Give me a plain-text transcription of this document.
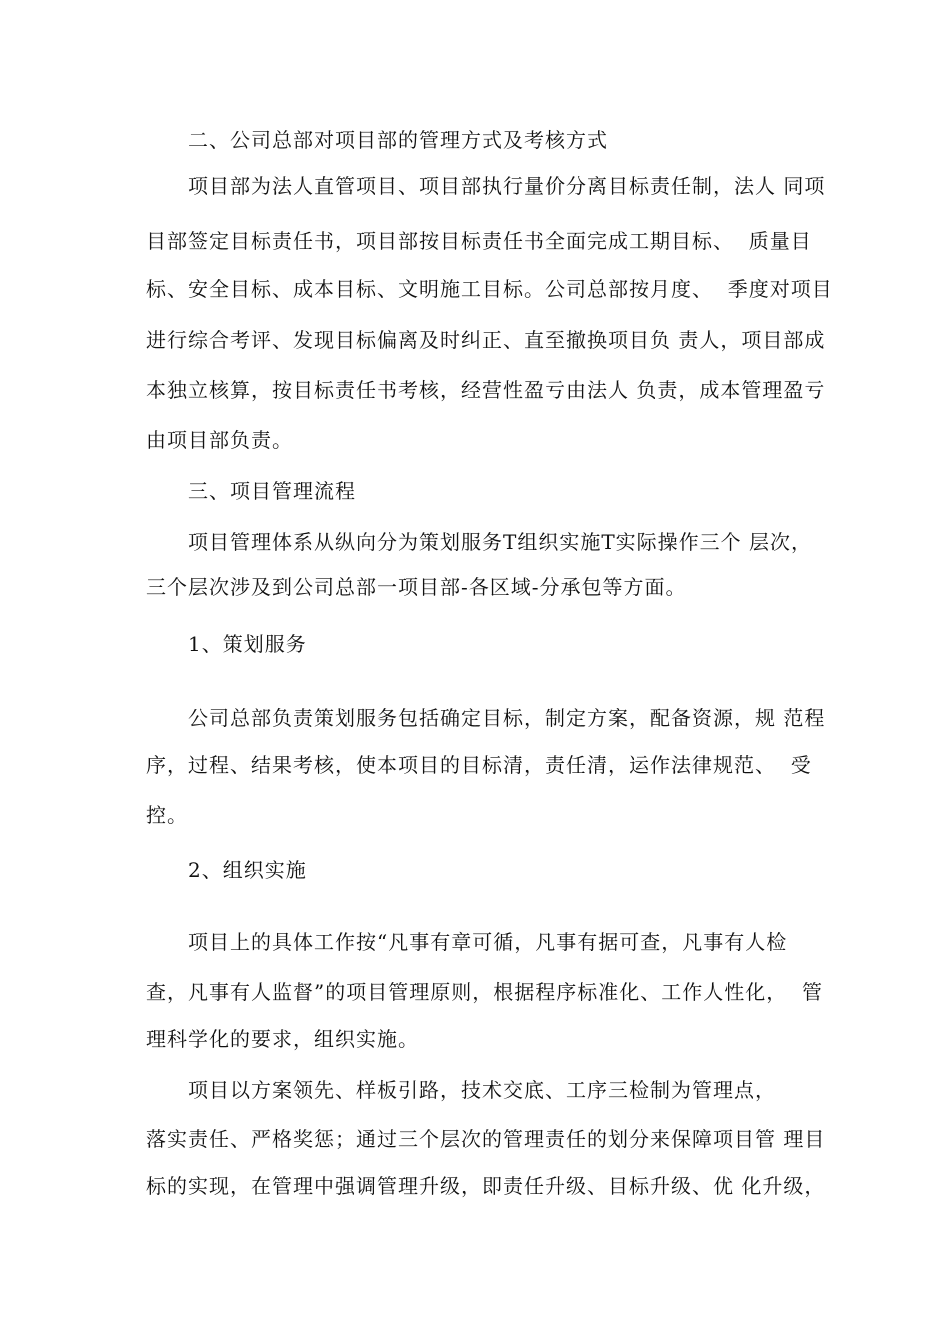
二、公司总部对项目部的管理方式及考核方式
项目部为法人直管项目、项目部执行量价分离目标责任制，法人 同项
目部签定目标责任书，项目部按目标责任书全面完成工期目标、  质量目
标、安全目标、成本目标、文明施工目标。公司总部按月度、  季度对项目
进行综合考评、发现目标偏离及时纠正、直至撤换项目负 责人，项目部成
本独立核算，按目标责任书考核，经营性盈亏由法人 负责，成本管理盈亏
由项目部负责。
三、项目管理流程
项目管理体系从纵向分为策划服务T组织实施T实际操作三个 层次，
三个层次涉及到公司总部一项目部-各区域-分承包等方面。
1、策划服务
公司总部负责策划服务包括确定目标，制定方案，配备资源，规 范程
序，过程、结果考核，使本项目的目标清，责任清，运作法律规范、  受
控。
2、组织实施
项目上的具体工作按“凡事有章可循，凡事有据可查，凡事有人检
查，凡事有人监督”的项目管理原则，根据程序标准化、工作人性化，  管
理科学化的要求，组织实施。
项目以方案领先、样板引路，技术交底、工序三检制为管理点，
落实责任、严格奖惩；通过三个层次的管理责任的划分来保障项目管 理目
标的实现，在管理中强调管理升级，即责任升级、目标升级、优 化升级，
